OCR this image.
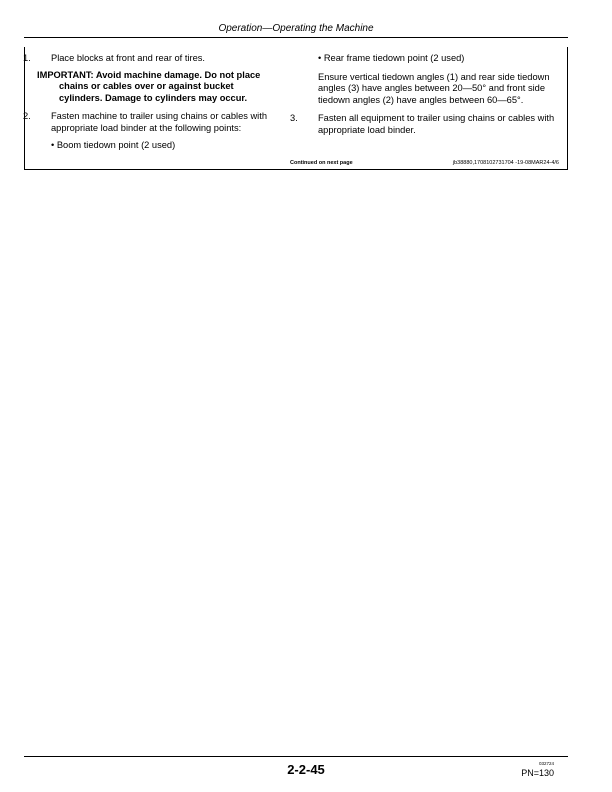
Operation—Operating the Machine

1. Place blocks at front and rear of tires.

IMPORTANT: Avoid machine damage. Do not place

chains or cables over or against bucket

cylinders. Damage to cylinders may occur.

2. Fasten machine to trailer using chains or cables with appropriate load binder at the following points:

• Boom tiedown point (2 used)

• Rear frame tiedown point (2 used)

Ensure vertical tiedown angles (1) and rear side tiedown angles (3) have angles between 20—50° and front side tiedown angles (2) have angles between 60—65°.

3. Fasten all equipment to trailer using chains or cables with appropriate load binder.

Continued on next page	jb38880,1708102731704 -19-08MAR24-4/6
2-2-45	032724
PN=130
